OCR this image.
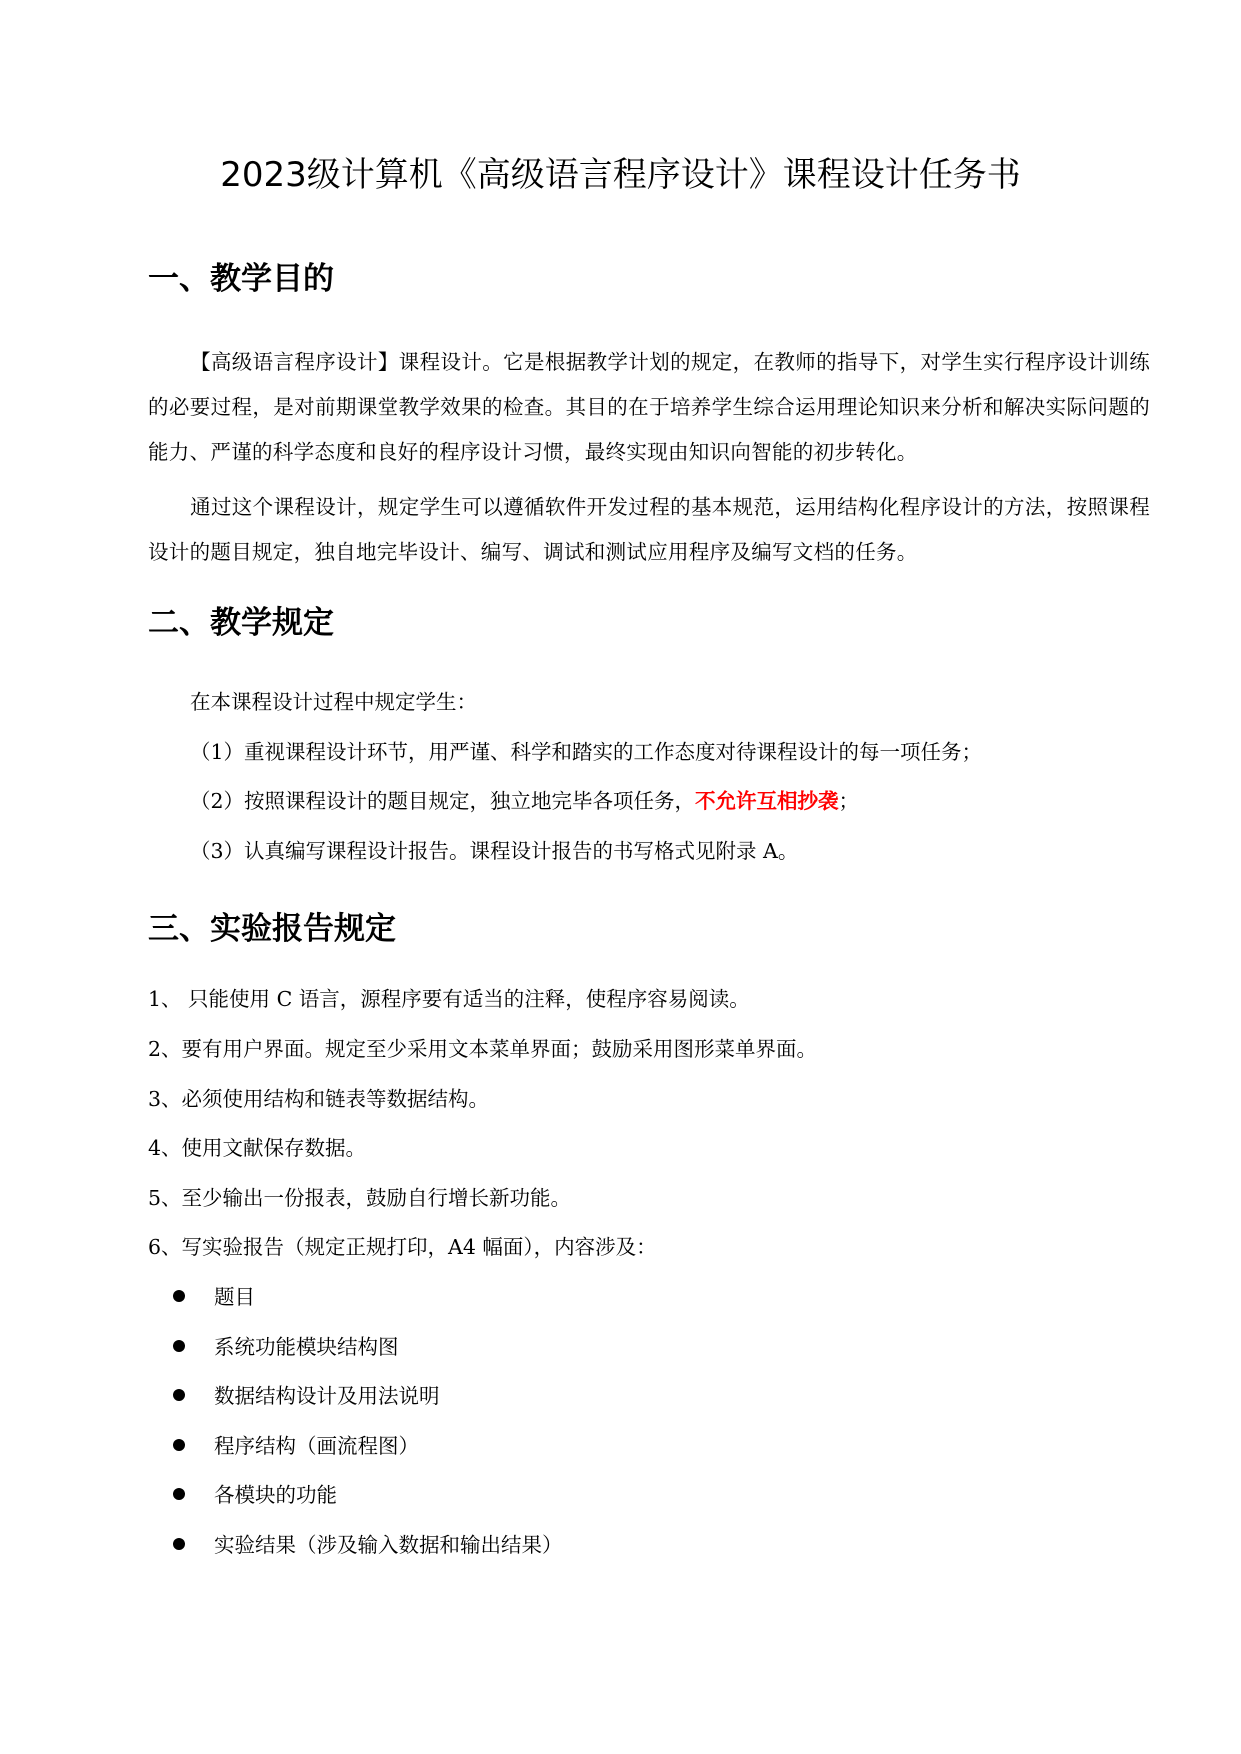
2023级计算机《高级语言程序设计》课程设计任务书
一、教学目的
【高级语言程序设计】课程设计。它是根据教学计划的规定，在教师的指导下，对学生实行程序设计训练的必要过程，是对前期课堂教学效果的检查。其目的在于培养学生综合运用理论知识来分析和解决实际问题的能力、严谨的科学态度和良好的程序设计习惯，最终实现由知识向智能的初步转化。
通过这个课程设计，规定学生可以遵循软件开发过程的基本规范，运用结构化程序设计的方法，按照课程设计的题目规定，独自地完毕设计、编写、调试和测试应用程序及编写文档的任务。
二、教学规定
在本课程设计过程中规定学生：
（1）重视课程设计环节，用严谨、科学和踏实的工作态度对待课程设计的每一项任务；
（2）按照课程设计的题目规定，独立地完毕各项任务，不允许互相抄袭；
（3）认真编写课程设计报告。课程设计报告的书写格式见附录 A。
三、实验报告规定
1、 只能使用 C 语言，源程序要有适当的注释，使程序容易阅读。
2、要有用户界面。规定至少采用文本菜单界面；鼓励采用图形菜单界面。
3、必须使用结构和链表等数据结构。
4、使用文献保存数据。
5、至少输出一份报表，鼓励自行增长新功能。
6、写实验报告（规定正规打印，A4 幅面），内容涉及：
题目
系统功能模块结构图
数据结构设计及用法说明
程序结构（画流程图）
各模块的功能
实验结果（涉及输入数据和输出结果）
